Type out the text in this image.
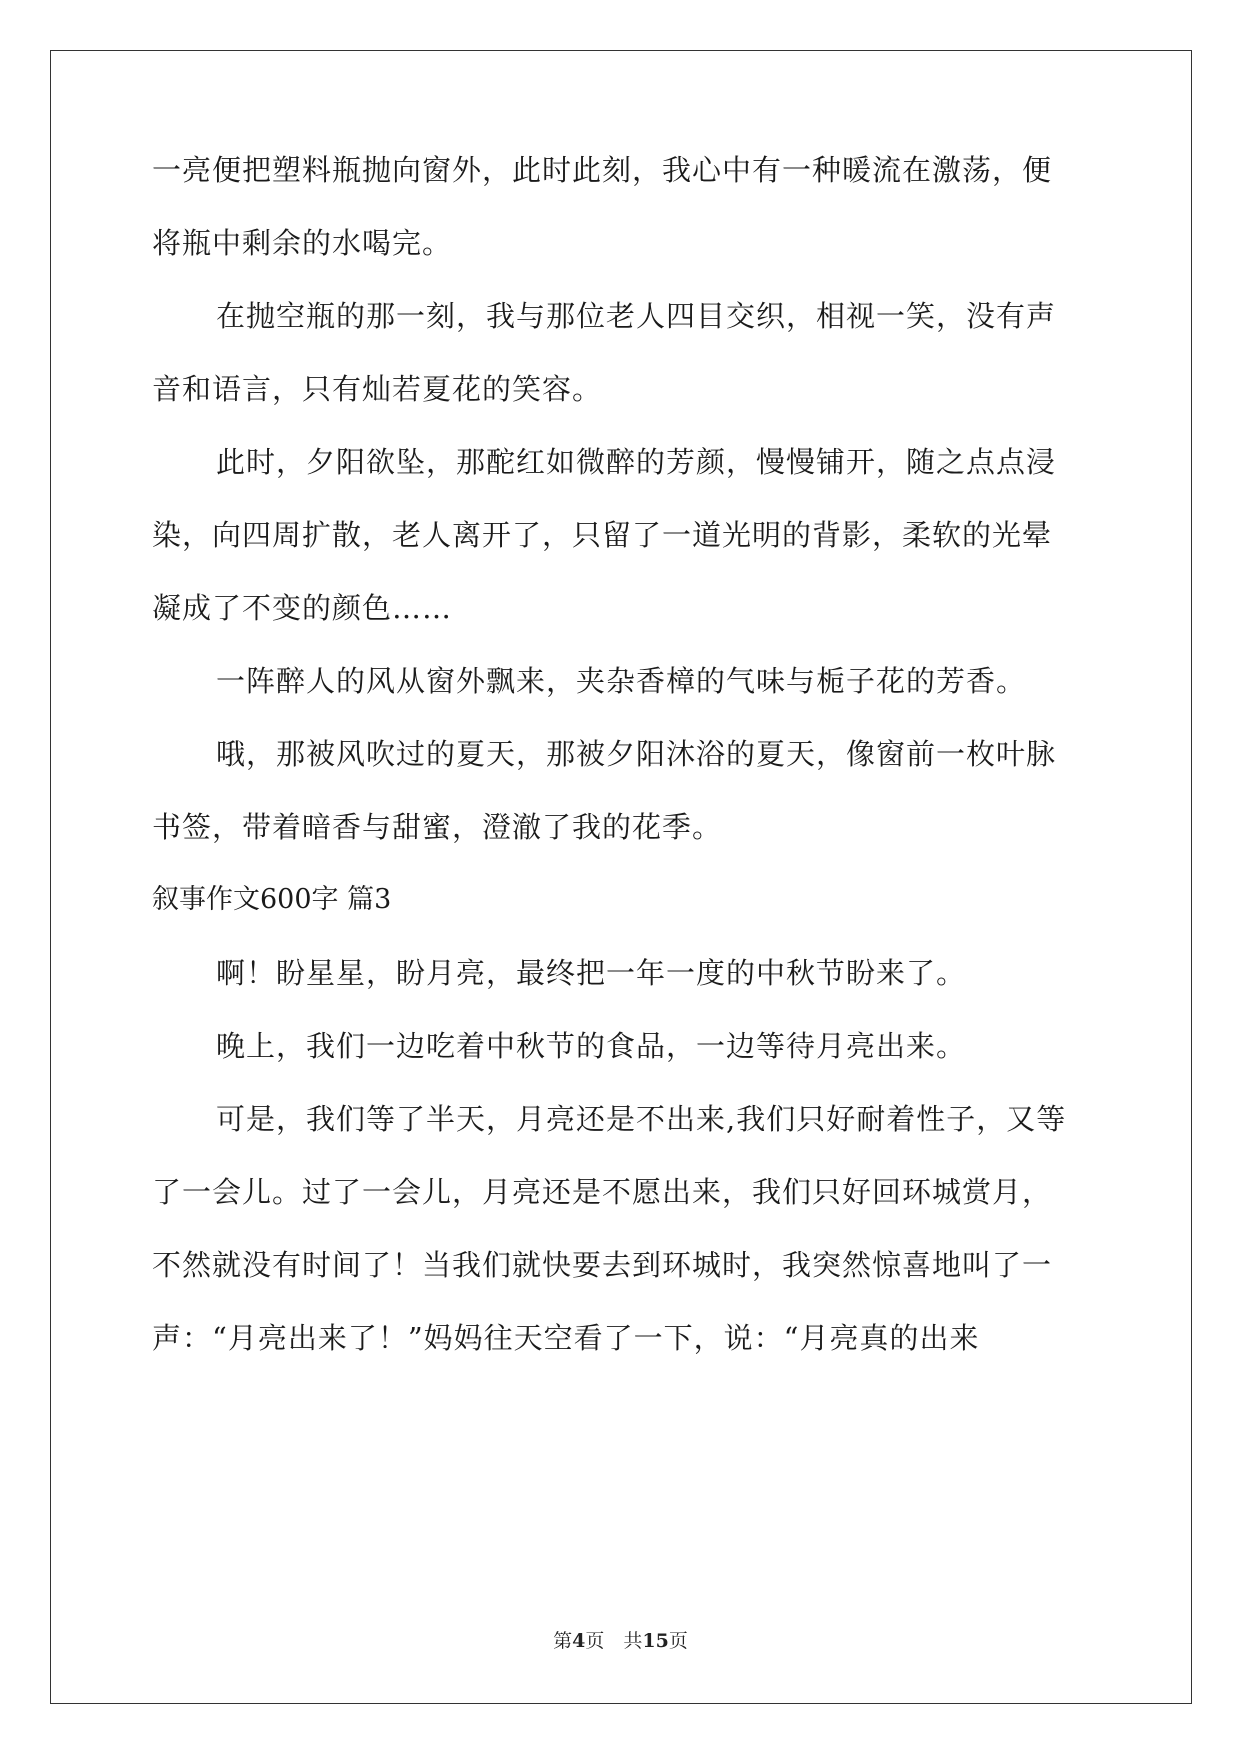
一亮便把塑料瓶抛向窗外，此时此刻，我心中有一种暖流在激荡，便
将瓶中剩余的水喝完。
在抛空瓶的那一刻，我与那位老人四目交织，相视一笑，没有声
音和语言，只有灿若夏花的笑容。
此时，夕阳欲坠，那酡红如微醉的芳颜，慢慢铺开，随之点点浸
染，向四周扩散，老人离开了，只留了一道光明的背影，柔软的光晕
凝成了不变的颜色……
一阵醉人的风从窗外飘来，夹杂香樟的气味与栀子花的芳香。
哦，那被风吹过的夏天，那被夕阳沐浴的夏天，像窗前一枚叶脉
书签，带着暗香与甜蜜，澄澈了我的花季。
叙事作文600字 篇3
啊！盼星星，盼月亮，最终把一年一度的中秋节盼来了。
晚上，我们一边吃着中秋节的食品，一边等待月亮出来。
可是，我们等了半天，月亮还是不出来,我们只好耐着性子，又等
了一会儿。过了一会儿，月亮还是不愿出来，我们只好回环城赏月，
不然就没有时间了！当我们就快要去到环城时，我突然惊喜地叫了一
声：“月亮出来了！”妈妈往天空看了一下，说：“月亮真的出来
第4页　共15页
